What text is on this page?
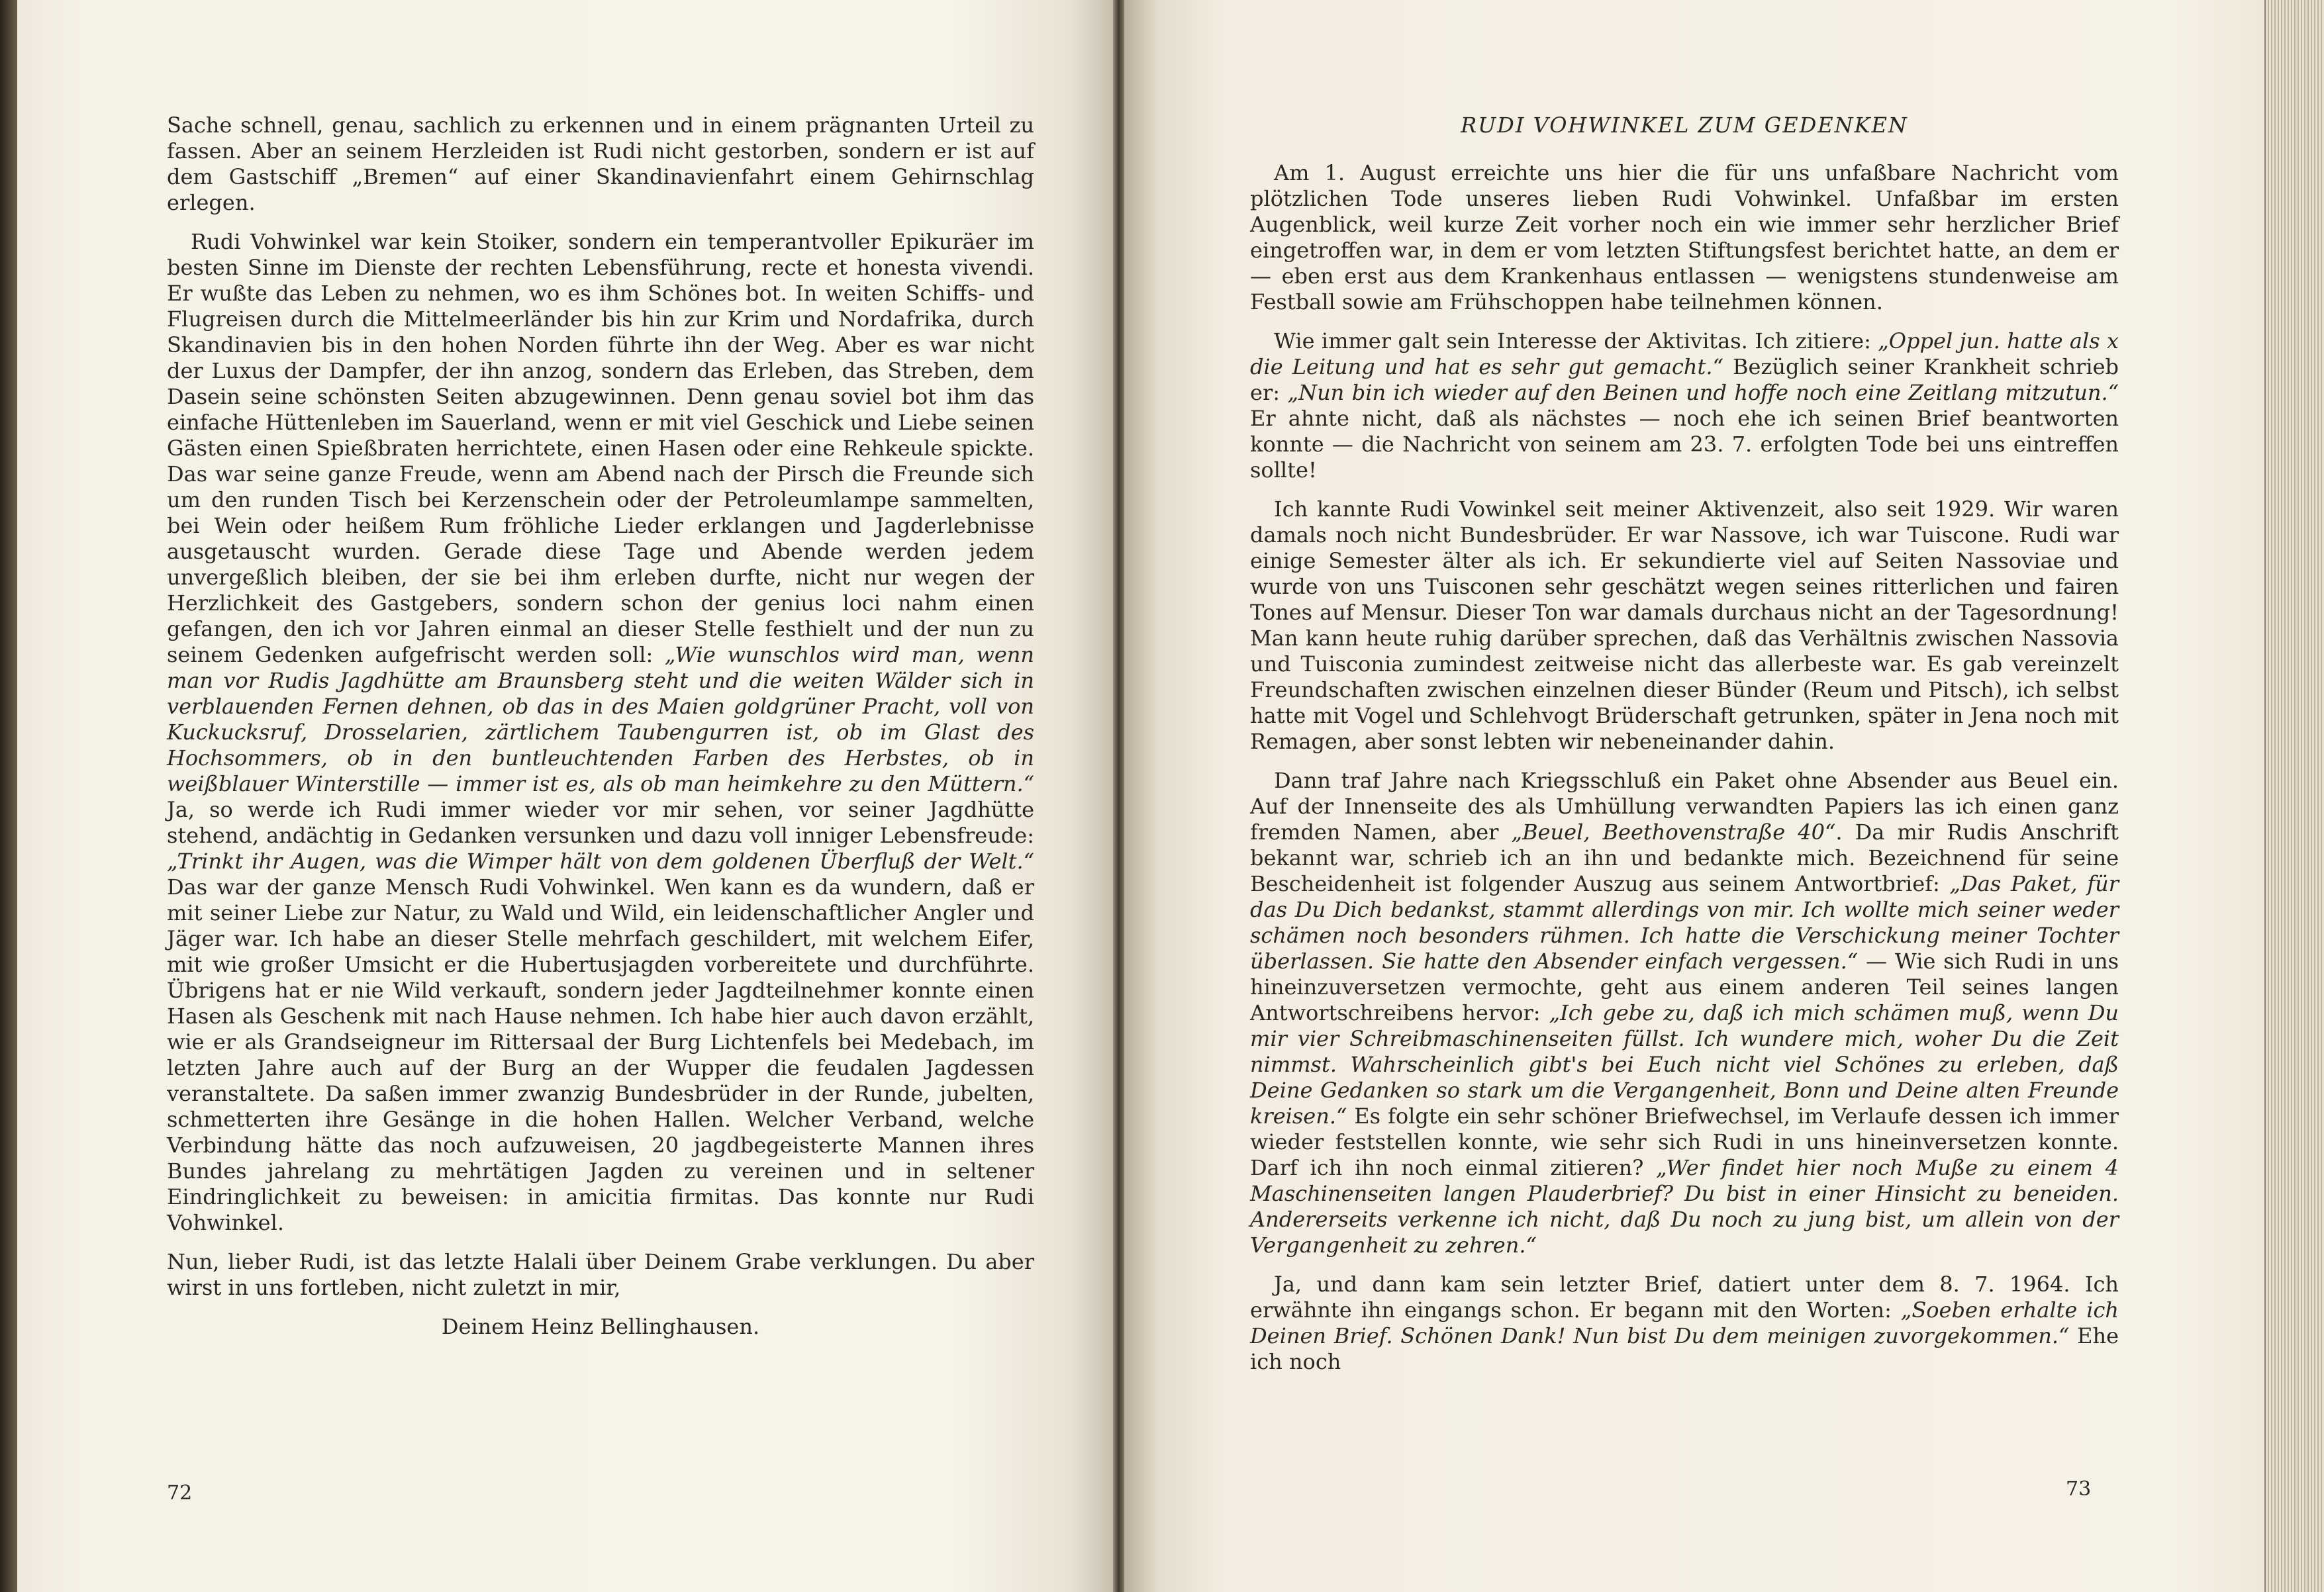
Sache schnell, genau, sachlich zu erkennen und in einem prägnanten Urteil zu fassen. Aber an seinem Herzleiden ist Rudi nicht gestorben, sondern er ist auf dem Gastschiff „Bremen“ auf einer Skandinavienfahrt einem Gehirnschlag erlegen.

Rudi Vohwinkel war kein Stoiker, sondern ein temperantvoller Epikuräer im besten Sinne im Dienste der rechten Lebensführung, recte et honesta vivendi. Er wußte das Leben zu nehmen, wo es ihm Schönes bot. In weiten Schiffs- und Flugreisen durch die Mittelmeerländer bis hin zur Krim und Nordafrika, durch Skandinavien bis in den hohen Norden führte ihn der Weg. Aber es war nicht der Luxus der Dampfer, der ihn anzog, sondern das Erleben, das Streben, dem Dasein seine schönsten Seiten abzugewinnen. Denn genau soviel bot ihm das einfache Hüttenleben im Sauerland, wenn er mit viel Geschick und Liebe seinen Gästen einen Spießbraten herrichtete, einen Hasen oder eine Rehkeule spickte. Das war seine ganze Freude, wenn am Abend nach der Pirsch die Freunde sich um den runden Tisch bei Kerzenschein oder der Petroleumlampe sammelten, bei Wein oder heißem Rum fröhliche Lieder erklangen und Jagderlebnisse ausgetauscht wurden. Gerade diese Tage und Abende werden jedem unvergeßlich bleiben, der sie bei ihm erleben durfte, nicht nur wegen der Herzlichkeit des Gastgebers, sondern schon der genius loci nahm einen gefangen, den ich vor Jahren einmal an dieser Stelle festhielt und der nun zu seinem Gedenken aufgefrischt werden soll: „Wie wunschlos wird man, wenn man vor Rudis Jagdhütte am Braunsberg steht und die weiten Wälder sich in verblauenden Fernen dehnen, ob das in des Maien goldgrüner Pracht, voll von Kuckucksruf, Drosselarien, zärtlichem Taubengurren ist, ob im Glast des Hochsommers, ob in den buntleuchtenden Farben des Herbstes, ob in weißblauer Winterstille — immer ist es, als ob man heimkehre zu den Müttern.“ Ja, so werde ich Rudi immer wieder vor mir sehen, vor seiner Jagdhütte stehend, andächtig in Gedanken versunken und dazu voll inniger Lebensfreude: „Trinkt ihr Augen, was die Wimper hält von dem goldenen Überfluß der Welt.“ Das war der ganze Mensch Rudi Vohwinkel. Wen kann es da wundern, daß er mit seiner Liebe zur Natur, zu Wald und Wild, ein leidenschaftlicher Angler und Jäger war. Ich habe an dieser Stelle mehrfach geschildert, mit welchem Eifer, mit wie großer Umsicht er die Hubertusjagden vorbereitete und durchführte. Übrigens hat er nie Wild verkauft, sondern jeder Jagdteilnehmer konnte einen Hasen als Geschenk mit nach Hause nehmen. Ich habe hier auch davon erzählt, wie er als Grandseigneur im Rittersaal der Burg Lichtenfels bei Medebach, im letzten Jahre auch auf der Burg an der Wupper die feudalen Jagdessen veranstaltete. Da saßen immer zwanzig Bundesbrüder in der Runde, jubelten, schmetterten ihre Gesänge in die hohen Hallen. Welcher Verband, welche Verbindung hätte das noch aufzuweisen, 20 jagdbegeisterte Mannen ihres Bundes jahrelang zu mehrtätigen Jagden zu vereinen und in seltener Eindringlichkeit zu beweisen: in amicitia firmitas. Das konnte nur Rudi Vohwinkel.

Nun, lieber Rudi, ist das letzte Halali über Deinem Grabe verklungen. Du aber wirst in uns fortleben, nicht zuletzt in mir,

Deinem Heinz Bellinghausen.

72
RUDI VOHWINKEL ZUM GEDENKEN

Am 1. August erreichte uns hier die für uns unfaßbare Nachricht vom plötzlichen Tode unseres lieben Rudi Vohwinkel. Unfaßbar im ersten Augenblick, weil kurze Zeit vorher noch ein wie immer sehr herzlicher Brief eingetroffen war, in dem er vom letzten Stiftungsfest berichtet hatte, an dem er — eben erst aus dem Krankenhaus entlassen — wenigstens stundenweise am Festball sowie am Frühschoppen habe teilnehmen können.

Wie immer galt sein Interesse der Aktivitas. Ich zitiere: „Oppel jun. hatte als x die Leitung und hat es sehr gut gemacht.“ Bezüglich seiner Krankheit schrieb er: „Nun bin ich wieder auf den Beinen und hoffe noch eine Zeitlang mitzutun.“ Er ahnte nicht, daß als nächstes — noch ehe ich seinen Brief beantworten konnte — die Nachricht von seinem am 23. 7. erfolgten Tode bei uns eintreffen sollte!

Ich kannte Rudi Vowinkel seit meiner Aktivenzeit, also seit 1929. Wir waren damals noch nicht Bundesbrüder. Er war Nassove, ich war Tuiscone. Rudi war einige Semester älter als ich. Er sekundierte viel auf Seiten Nassoviae und wurde von uns Tuisconen sehr geschätzt wegen seines ritterlichen und fairen Tones auf Mensur. Dieser Ton war damals durchaus nicht an der Tagesordnung! Man kann heute ruhig darüber sprechen, daß das Verhältnis zwischen Nassovia und Tuisconia zumindest zeitweise nicht das allerbeste war. Es gab vereinzelt Freundschaften zwischen einzelnen dieser Bünder (Reum und Pitsch), ich selbst hatte mit Vogel und Schlehvogt Brüderschaft getrunken, später in Jena noch mit Remagen, aber sonst lebten wir nebeneinander dahin.

Dann traf Jahre nach Kriegsschluß ein Paket ohne Absender aus Beuel ein. Auf der Innenseite des als Umhüllung verwandten Papiers las ich einen ganz fremden Namen, aber „Beuel, Beethovenstraße 40“. Da mir Rudis Anschrift bekannt war, schrieb ich an ihn und bedankte mich. Bezeichnend für seine Bescheidenheit ist folgender Auszug aus seinem Antwortbrief: „Das Paket, für das Du Dich bedankst, stammt allerdings von mir. Ich wollte mich seiner weder schämen noch besonders rühmen. Ich hatte die Verschickung meiner Tochter überlassen. Sie hatte den Absender einfach vergessen.“ — Wie sich Rudi in uns hineinzuversetzen vermochte, geht aus einem anderen Teil seines langen Antwortschreibens hervor: „Ich gebe zu, daß ich mich schämen muß, wenn Du mir vier Schreibmaschinenseiten füllst. Ich wundere mich, woher Du die Zeit nimmst. Wahrscheinlich gibt's bei Euch nicht viel Schönes zu erleben, daß Deine Gedanken so stark um die Vergangenheit, Bonn und Deine alten Freunde kreisen.“ Es folgte ein sehr schöner Briefwechsel, im Verlaufe dessen ich immer wieder feststellen konnte, wie sehr sich Rudi in uns hineinversetzen konnte. Darf ich ihn noch einmal zitieren? „Wer findet hier noch Muße zu einem 4 Maschinenseiten langen Plauderbrief? Du bist in einer Hinsicht zu beneiden. Andererseits verkenne ich nicht, daß Du noch zu jung bist, um allein von der Vergangenheit zu zehren.“

Ja, und dann kam sein letzter Brief, datiert unter dem 8. 7. 1964. Ich erwähnte ihn eingangs schon. Er begann mit den Worten: „Soeben erhalte ich Deinen Brief. Schönen Dank! Nun bist Du dem meinigen zuvorgekommen.“ Ehe ich noch

73
